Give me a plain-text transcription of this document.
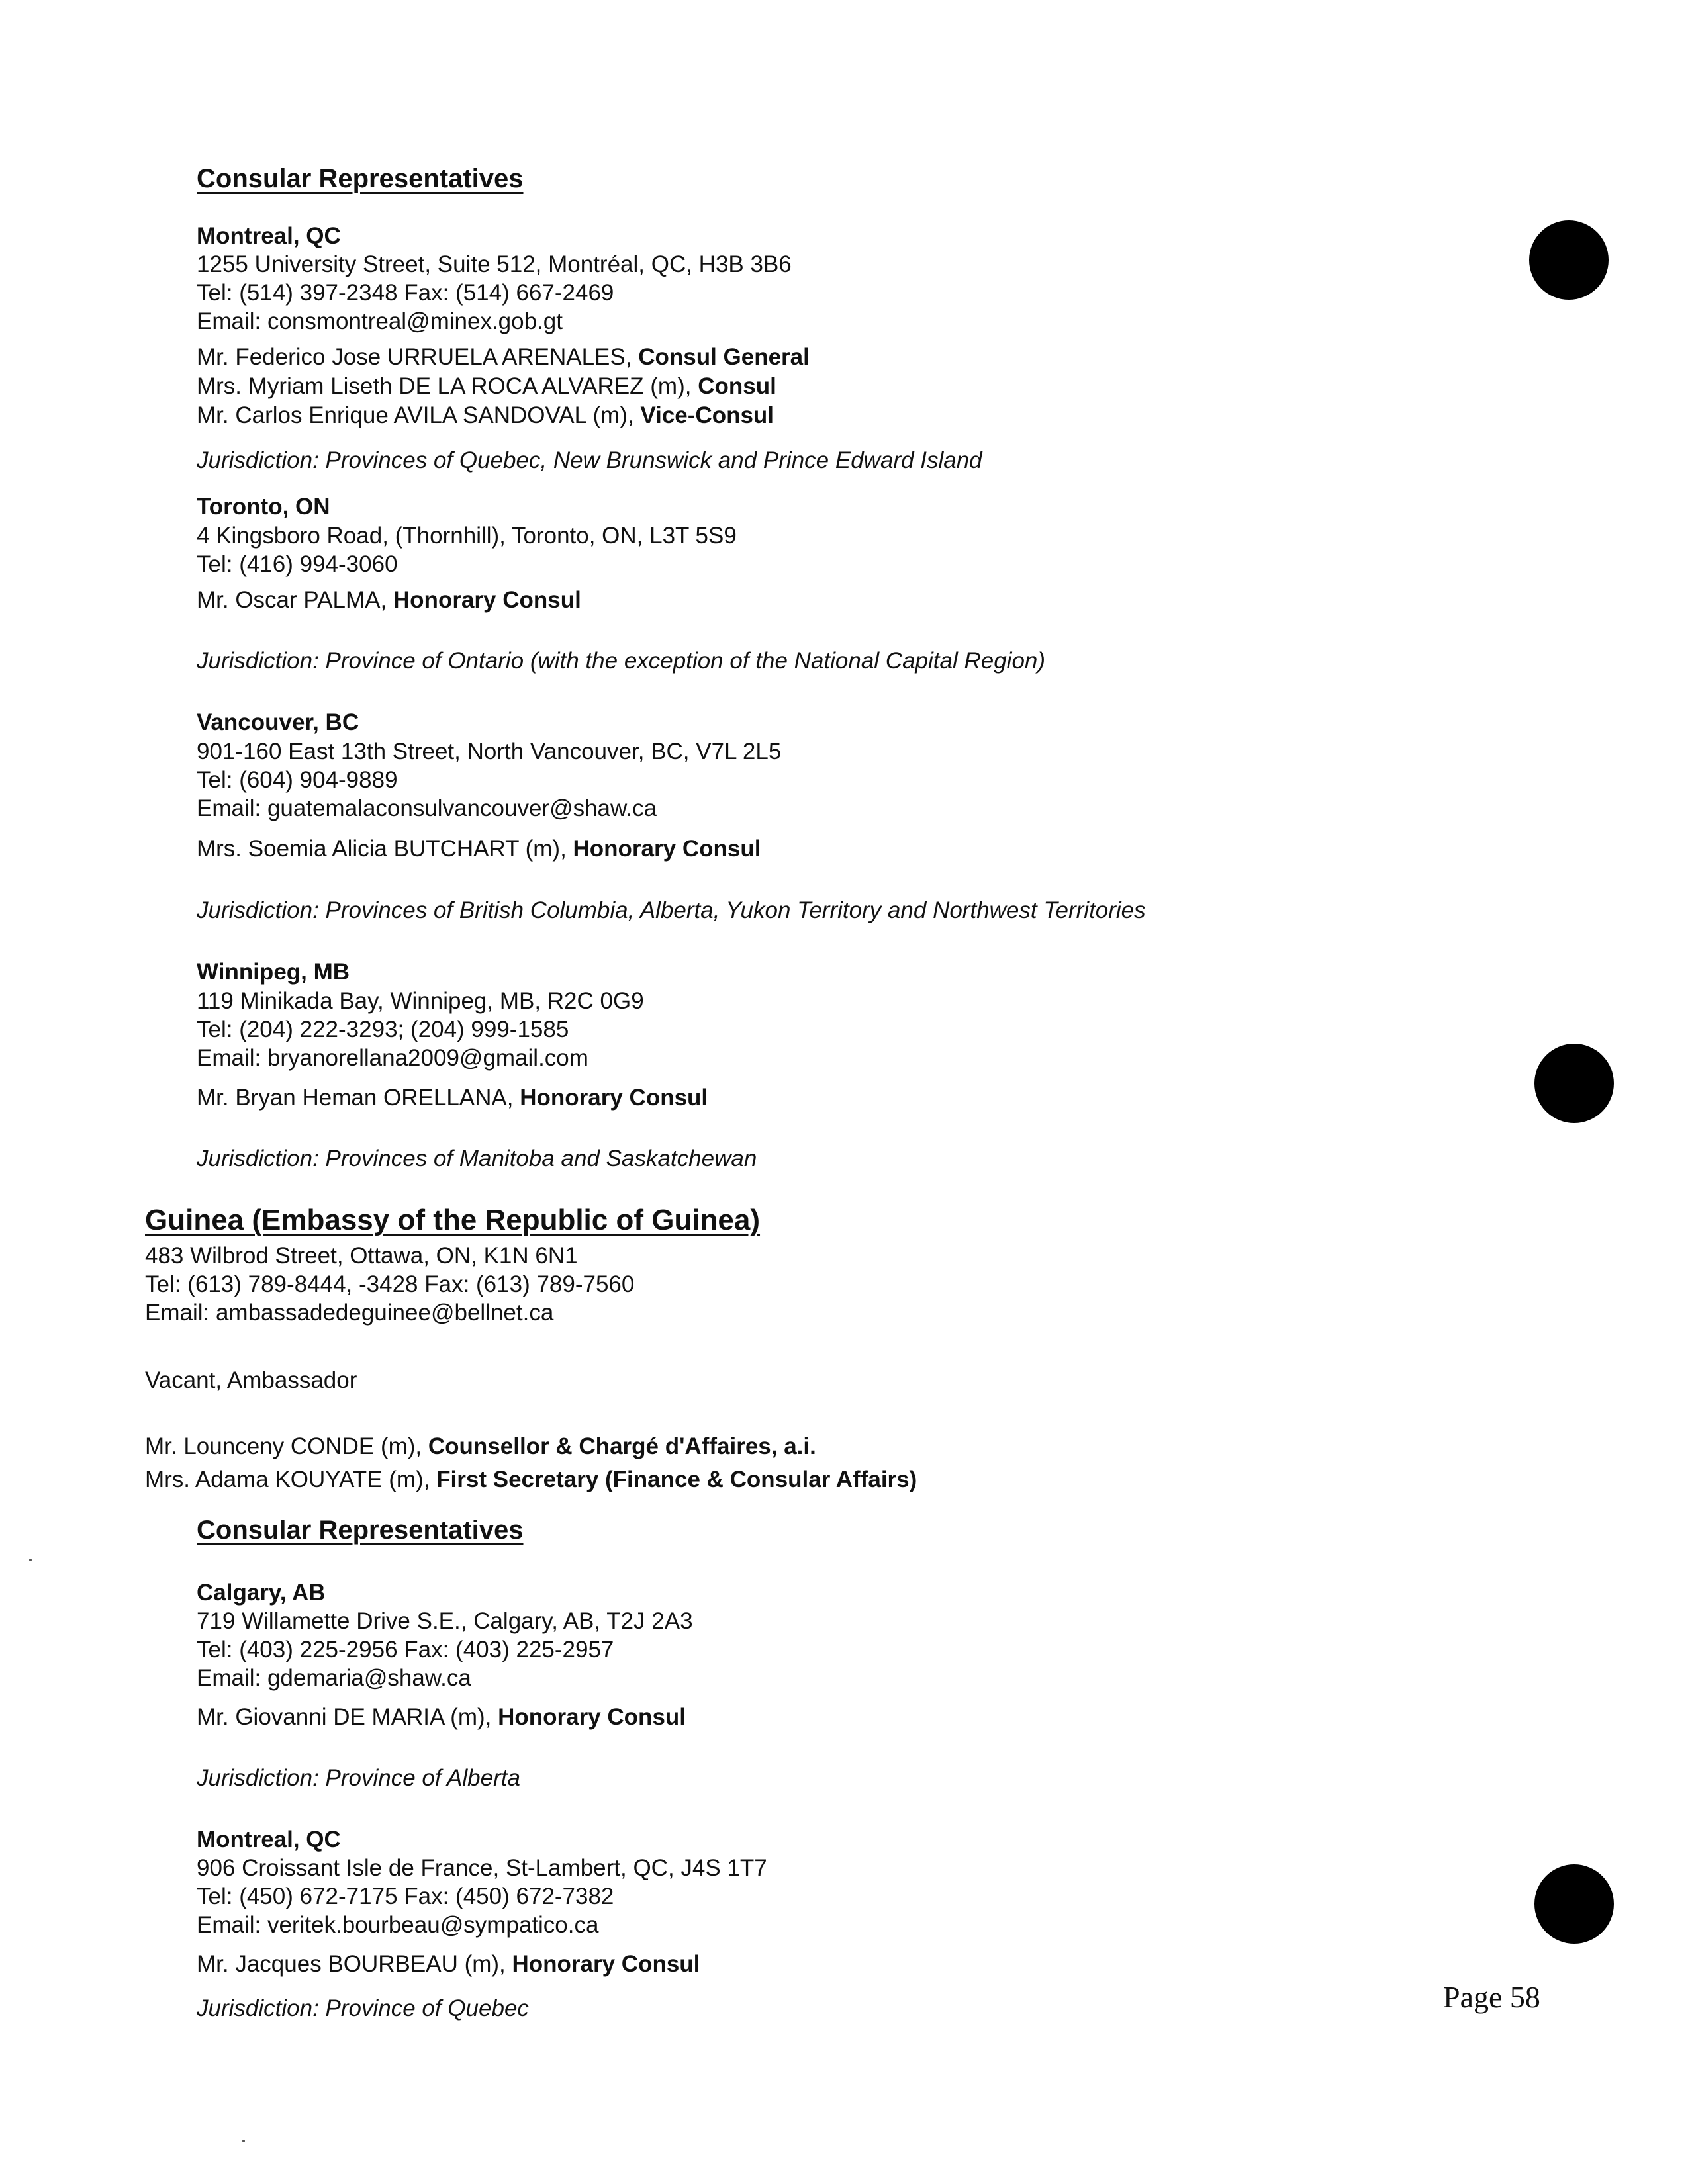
Consular Representatives
Montreal, QC
1255 University Street, Suite 512, Montréal, QC, H3B 3B6
Tel: (514) 397-2348 Fax: (514) 667-2469
Email: consmontreal@minex.gob.gt
Mr. Federico Jose URRUELA ARENALES, Consul General
Mrs. Myriam Liseth DE LA ROCA ALVAREZ (m), Consul
Mr. Carlos Enrique AVILA SANDOVAL (m), Vice-Consul
Jurisdiction: Provinces of Quebec, New Brunswick and Prince Edward Island
Toronto, ON
4 Kingsboro Road, (Thornhill), Toronto, ON, L3T 5S9
Tel: (416) 994-3060
Mr. Oscar PALMA, Honorary Consul
Jurisdiction: Province of Ontario (with the exception of the National Capital Region)
Vancouver, BC
901-160 East 13th Street, North Vancouver, BC, V7L 2L5
Tel: (604) 904-9889
Email: guatemalaconsulvancouver@shaw.ca
Mrs. Soemia Alicia BUTCHART (m), Honorary Consul
Jurisdiction: Provinces of British Columbia, Alberta, Yukon Territory and Northwest Territories
Winnipeg, MB
119 Minikada Bay, Winnipeg, MB, R2C 0G9
Tel: (204) 222-3293; (204) 999-1585
Email: bryanorellana2009@gmail.com
Mr. Bryan Heman ORELLANA, Honorary Consul
Jurisdiction: Provinces of Manitoba and Saskatchewan
Guinea (Embassy of the Republic of Guinea)
483 Wilbrod Street, Ottawa, ON, K1N 6N1
Tel: (613) 789-8444, -3428 Fax: (613) 789-7560
Email: ambassadedeguinee@bellnet.ca
Vacant, Ambassador
Mr. Lounceny CONDE (m), Counsellor & Chargé d'Affaires, a.i.
Mrs. Adama KOUYATE (m), First Secretary (Finance & Consular Affairs)
Consular Representatives
Calgary, AB
719 Willamette Drive S.E., Calgary, AB, T2J 2A3
Tel: (403) 225-2956 Fax: (403) 225-2957
Email: gdemaria@shaw.ca
Mr. Giovanni DE MARIA (m), Honorary Consul
Jurisdiction: Province of Alberta
Montreal, QC
906 Croissant Isle de France, St-Lambert, QC, J4S 1T7
Tel: (450) 672-7175 Fax: (450) 672-7382
Email: veritek.bourbeau@sympatico.ca
Mr. Jacques BOURBEAU (m), Honorary Consul
Jurisdiction: Province of Quebec	Page 58
